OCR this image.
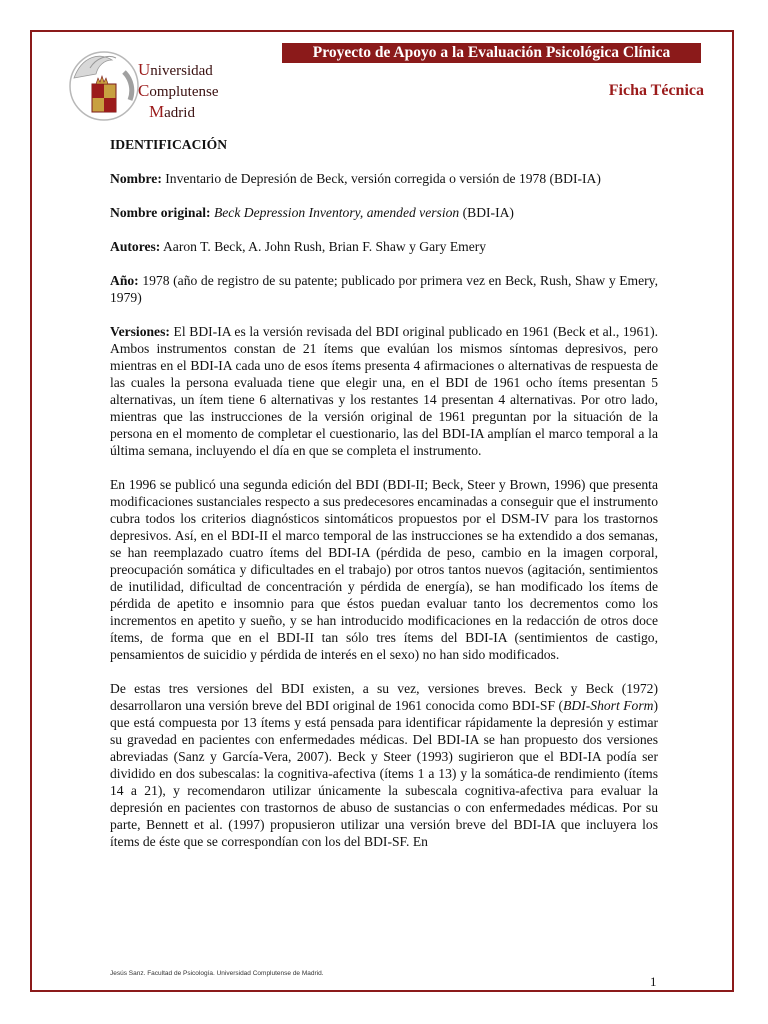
Universidad
Complutense
Madrid
Proyecto de Apoyo a la Evaluación Psicológica Clínica
Ficha Técnica
IDENTIFICACIÓN

Nombre: Inventario de Depresión de Beck, versión corregida o versión de 1978 (BDI-IA)

Nombre original: Beck Depression Inventory, amended version (BDI-IA)

Autores: Aaron T. Beck, A. John Rush, Brian F. Shaw y Gary Emery

Año: 1978 (año de registro de su patente; publicado por primera vez en Beck, Rush, Shaw y Emery, 1979)

Versiones: El BDI-IA es la versión revisada del BDI original publicado en 1961 (Beck et al., 1961). Ambos instrumentos constan de 21 ítems que evalúan los mismos síntomas depresivos, pero mientras en el BDI-IA cada uno de esos ítems presenta 4 afirmaciones o alternativas de respuesta de las cuales la persona evaluada tiene que elegir una, en el BDI de 1961 ocho ítems presentan 5 alternativas, un ítem tiene 6 alternativas y los restantes 14 presentan 4 alternativas. Por otro lado, mientras que las instrucciones de la versión original de 1961 preguntan por la situación de la persona en el momento de completar el cuestionario, las del BDI-IA amplían el marco temporal a la última semana, incluyendo el día en que se completa el instrumento.

En 1996 se publicó una segunda edición del BDI (BDI-II; Beck, Steer y Brown, 1996) que presenta modificaciones sustanciales respecto a sus predecesores encaminadas a conseguir que el instrumento cubra todos los criterios diagnósticos sintomáticos propuestos por el DSM-IV para los trastornos depresivos. Así, en el BDI-II el marco temporal de las instrucciones se ha extendido a dos semanas, se han reemplazado cuatro ítems del BDI-IA (pérdida de peso, cambio en la imagen corporal, preocupación somática y dificultades en el trabajo) por otros tantos nuevos (agitación, sentimientos de inutilidad, dificultad de concentración y pérdida de energía), se han modificado los ítems de pérdida de apetito e insomnio para que éstos puedan evaluar tanto los decrementos como los incrementos en apetito y sueño, y se han introducido modificaciones en la redacción de otros doce ítems, de forma que en el BDI-II tan sólo tres ítems del BDI-IA (sentimientos de castigo, pensamientos de suicidio y pérdida de interés en el sexo) no han sido modificados.

De estas tres versiones del BDI existen, a su vez, versiones breves. Beck y Beck (1972) desarrollaron una versión breve del BDI original de 1961 conocida como BDI-SF (BDI-Short Form) que está compuesta por 13 ítems y está pensada para identificar rápidamente la depresión y estimar su gravedad en pacientes con enfermedades médicas. Del BDI-IA se han propuesto dos versiones abreviadas (Sanz y García-Vera, 2007). Beck y Steer (1993) sugirieron que el BDI-IA podía ser dividido en dos subescalas: la cognitiva-afectiva (ítems 1 a 13) y la somática-de rendimiento (ítems 14 a 21), y recomendaron utilizar únicamente la subescala cognitiva-afectiva para evaluar la depresión en pacientes con trastornos de abuso de sustancias o con enfermedades médicas. Por su parte, Bennett et al. (1997) propusieron utilizar una versión breve del BDI-IA que incluyera los ítems de éste que se correspondían con los del BDI-SF. En

Jesús Sanz. Facultad de Psicología. Universidad Complutense de Madrid.
1
